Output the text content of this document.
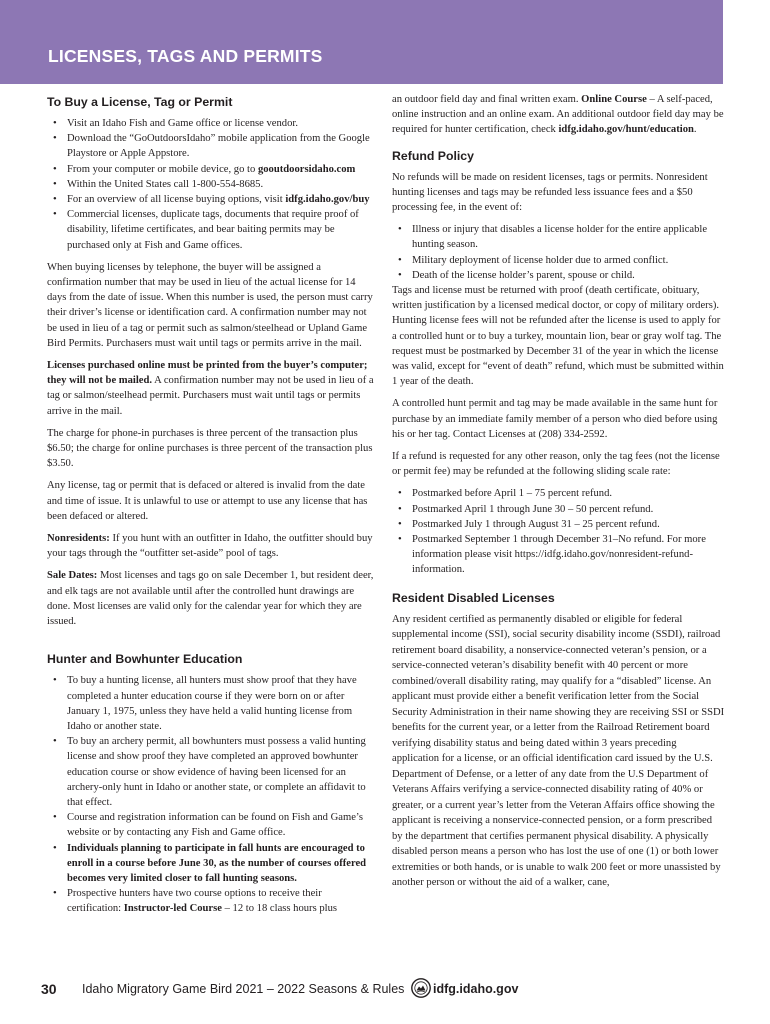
LICENSES, TAGS AND PERMITS
To Buy a License, Tag or Permit
• Visit an Idaho Fish and Game office or license vendor.
• Download the “GoOutdoorsIdaho” mobile application from the Google Playstore or Apple Appstore.
• From your computer or mobile device, go to gooutdoorsidaho.com
• Within the United States call 1-800-554-8685.
• For an overview of all license buying options, visit idfg.idaho.gov/buy
• Commercial licenses, duplicate tags, documents that require proof of disability, lifetime certificates, and bear baiting permits may be purchased only at Fish and Game offices.

When buying licenses by telephone, the buyer will be assigned a confirmation number that may be used in lieu of the actual license for 14 days from the date of issue. When this number is used, the person must carry their driver’s license or identification card. A confirmation number may not be used in lieu of a tag or permit such as salmon/steelhead or Upland Game Bird Permits. Purchasers must wait until tags or permits arrive in the mail.

Licenses purchased online must be printed from the buyer’s computer; they will not be mailed. A confirmation number may not be used in lieu of a tag or salmon/steelhead permit. Purchasers must wait until tags or permits arrive in the mail.

The charge for phone-in purchases is three percent of the transaction plus $6.50; the charge for online purchases is three percent of the transaction plus $3.50.

Any license, tag or permit that is defaced or altered is invalid from the date and time of issue. It is unlawful to use or attempt to use any license that has been defaced or altered.

Nonresidents: If you hunt with an outfitter in Idaho, the outfitter should buy your tags through the “outfitter set-aside” pool of tags.

Sale Dates: Most licenses and tags go on sale December 1, but resident deer, and elk tags are not available until after the controlled hunt drawings are done. Most licenses are valid only for the calendar year for which they are issued.

Hunter and Bowhunter Education
• To buy a hunting license, all hunters must show proof that they have completed a hunter education course if they were born on or after January 1, 1975, unless they have held a valid hunting license from Idaho or another state.
• To buy an archery permit, all bowhunters must possess a valid hunting license and show proof they have completed an approved bowhunter education course or show evidence of having been licensed for an archery-only hunt in Idaho or another state, or complete an affidavit to that effect.
• Course and registration information can be found on Fish and Game’s website or by contacting any Fish and Game office.
• Individuals planning to participate in fall hunts are encouraged to enroll in a course before June 30, as the number of courses offered becomes very limited closer to fall hunting seasons.
• Prospective hunters have two course options to receive their certification: Instructor-led Course – 12 to 18 class hours plus

an outdoor field day and final written exam. Online Course – A self-paced, online instruction and an online exam. An additional outdoor field day may be required for hunter certification, check idfg.idaho.gov/hunt/education.

Refund Policy

No refunds will be made on resident licenses, tags or permits. Nonresident hunting licenses and tags may be refunded less issuance fees and a $50 processing fee, in the event of:

• Illness or injury that disables a license holder for the entire applicable hunting season.
• Military deployment of license holder due to armed conflict.
• Death of the license holder’s parent, spouse or child.

Tags and license must be returned with proof (death certificate, obituary, written justification by a licensed medical doctor, or copy of military orders). Hunting license fees will not be refunded after the license is used to apply for a controlled hunt or to buy a turkey, mountain lion, bear or gray wolf tag. The request must be postmarked by December 31 of the year in which the license was valid, except for “event of death” refund, which must be submitted within 1 year of the death.

A controlled hunt permit and tag may be made available in the same hunt for purchase by an immediate family member of a person who died before using his or her tag. Contact Licenses at (208) 334-2592.

If a refund is requested for any other reason, only the tag fees (not the license or permit fee) may be refunded at the following sliding scale rate:

• Postmarked before April 1 – 75 percent refund.
• Postmarked April 1 through June 30 – 50 percent refund.
• Postmarked July 1 through August 31 – 25 percent refund.
• Postmarked September 1 through December 31–No refund. For more information please visit https://idfg.idaho.gov/nonresident-refund-information.
Resident Disabled Licenses

Any resident certified as permanently disabled or eligible for federal supplemental income (SSI), social security disability income (SSDI), railroad retirement board disability, a nonservice-connected veteran’s pension, or a service-connected veteran’s disability benefit with 40 percent or more combined/overall disability rating, may qualify for a “disabled” license. An applicant must provide either a benefit verification letter from the Social Security Administration in their name showing they are receiving SSI or SSDI benefits for the current year, or a letter from the Railroad Retirement board verifying disability status and being dated within 3 years preceding application for a license, or an official identification card issued by the U.S. Department of Defense, or a letter of any date from the U.S Department of Veterans Affairs verifying a service-connected disability rating of 40% or greater, or a current year’s letter from the Veteran Affairs office showing the applicant is receiving a nonservice-connected pension, or a form prescribed by the department that certifies permanent physical disability. A physically disabled person means a person who has lost the use of one (1) or both lower extremities or both hands, or is unable to walk 200 feet or more unassisted by another person or without the aid of a walker, cane,

30 Idaho Migratory Game Bird 2021 – 2022 Seasons & Rules idfg.idaho.gov
